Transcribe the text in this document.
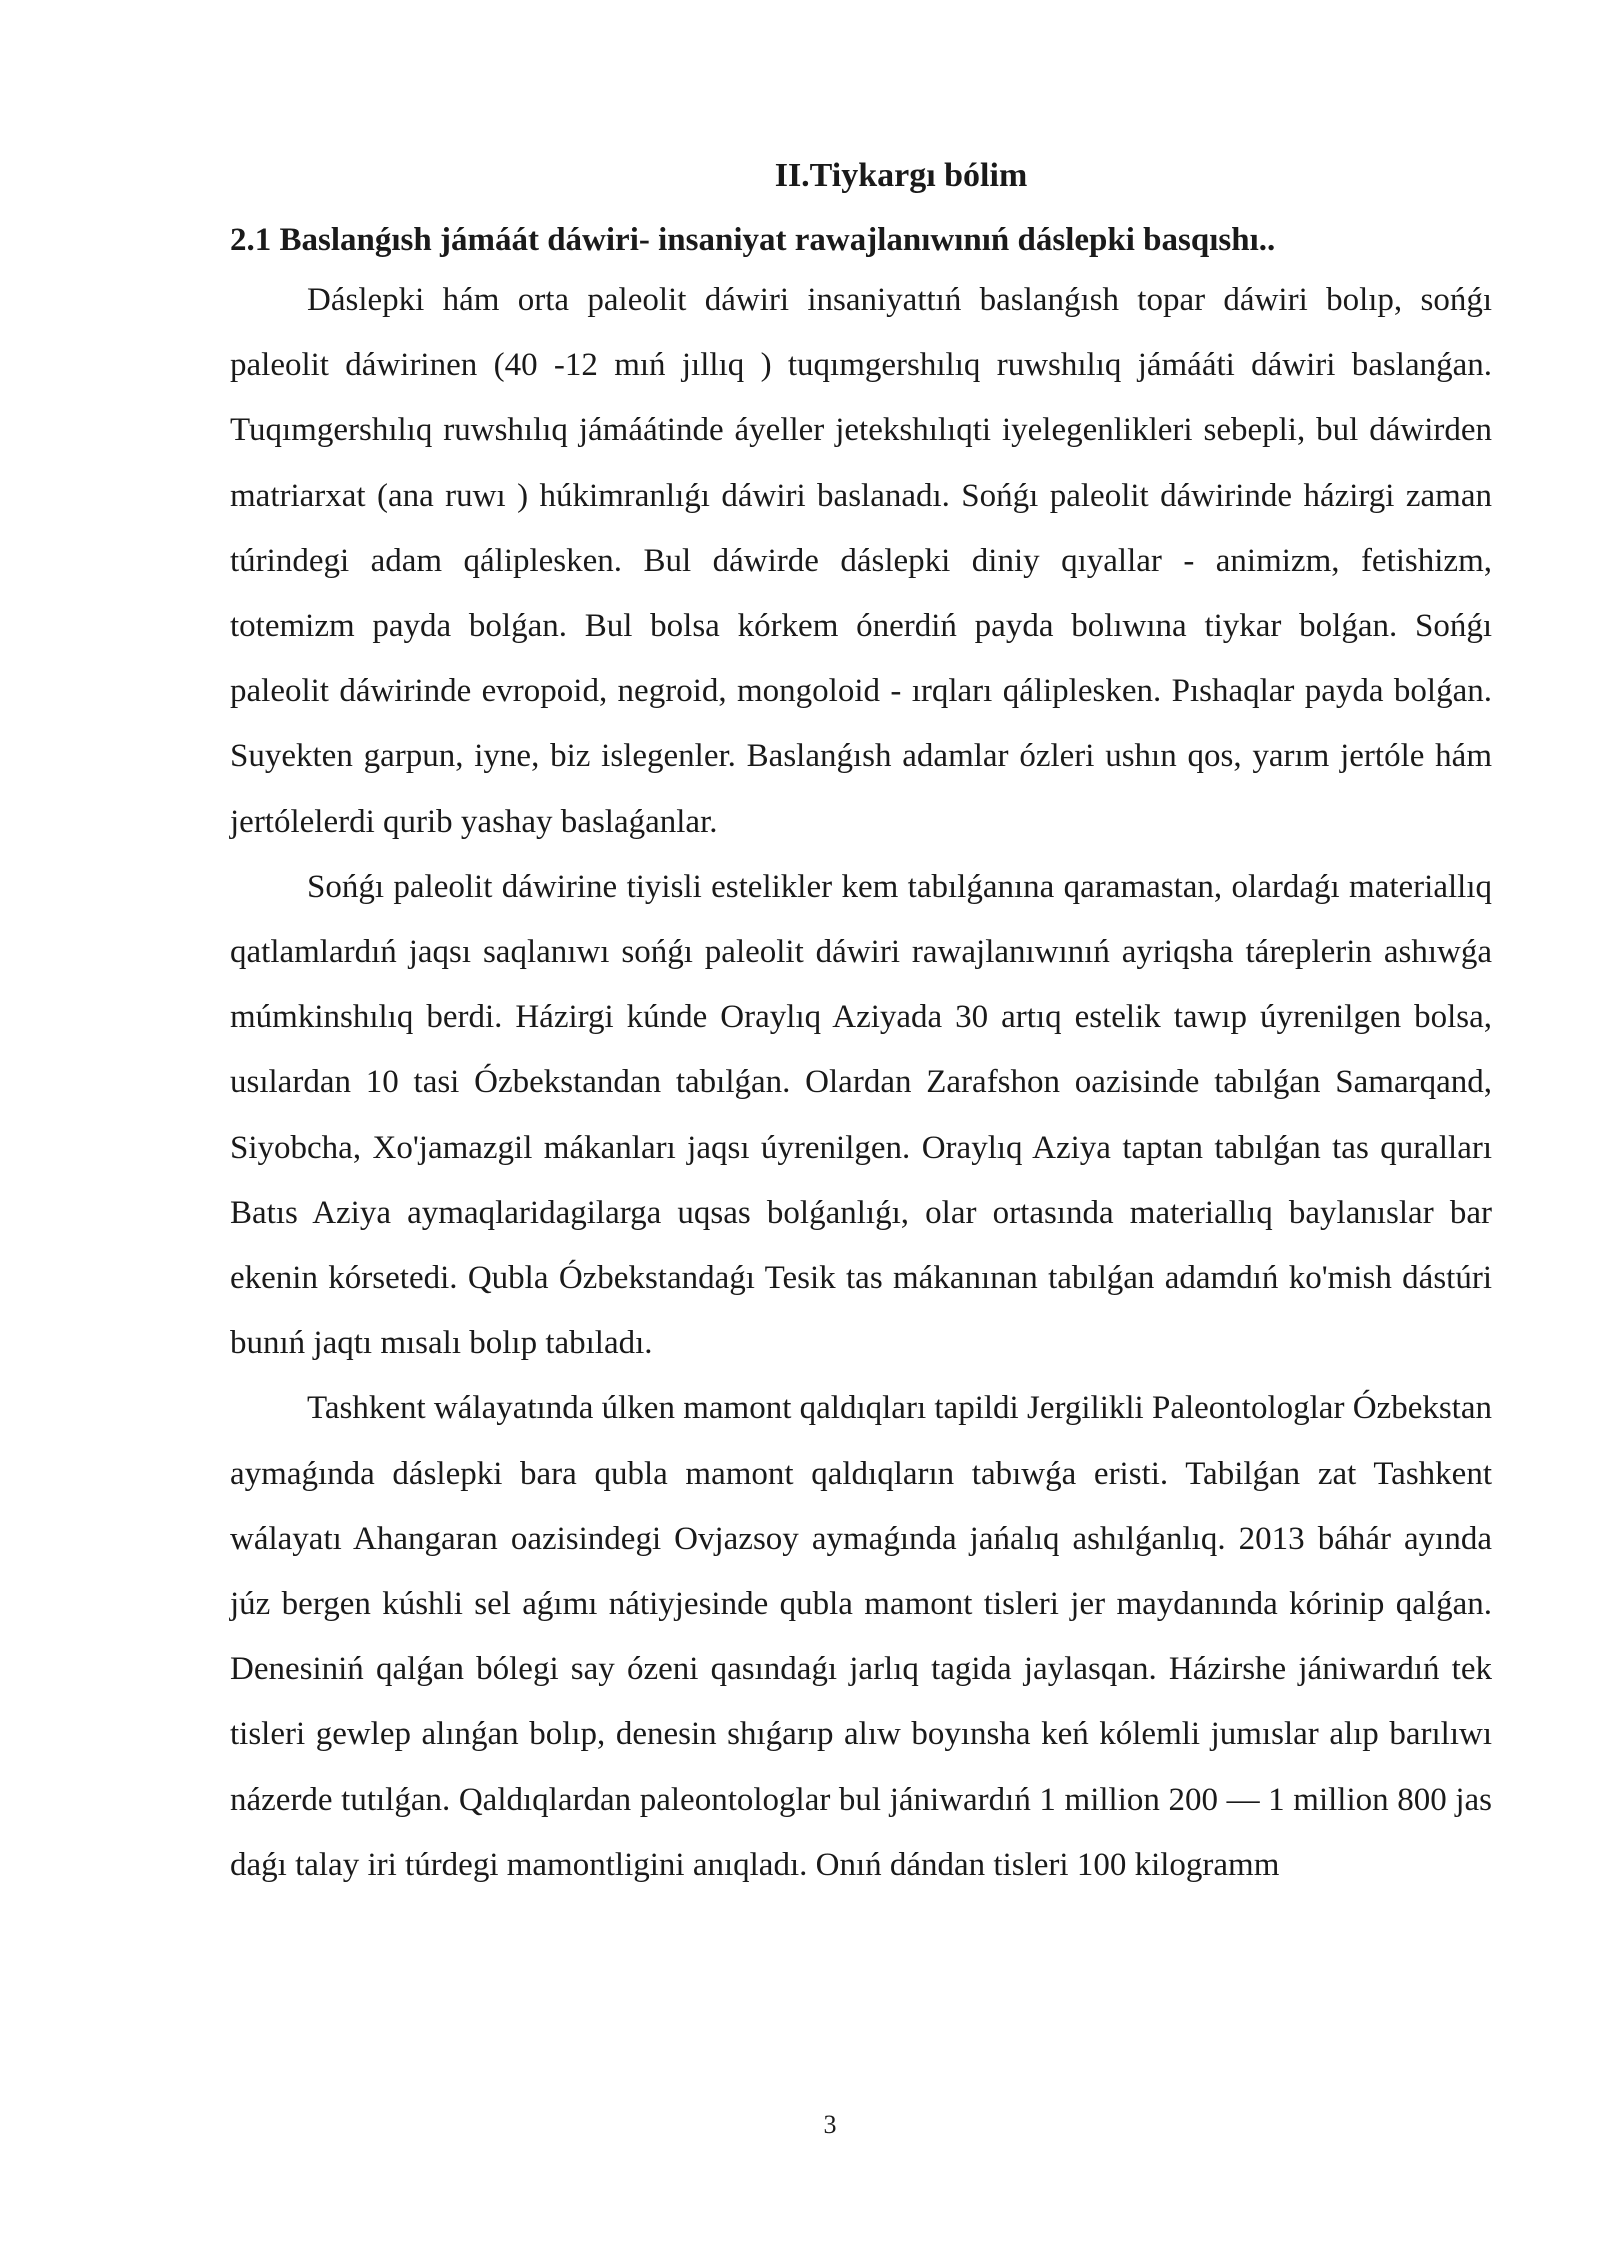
II.Tiykargı bólim
2.1 Baslanǵısh jámáát dáwiri- insaniyat rawajlanıwınıń dáslepki basqıshı..

Dáslepki hám orta paleolit dáwiri insaniyattıń baslanǵısh topar dáwiri bolıp, sońǵı paleolit dáwirinen (40 -12 mıń jıllıq ) tuqımgershılıq ruwshılıq jámááti dáwiri baslanǵan. Tuqımgershılıq ruwshılıq jámáátinde áyeller jetekshılıqti iyelegenlikleri sebepli, bul dáwirden matriarxat (ana ruwı ) húkimranlıǵı dáwiri baslanadı. Sońǵı paleolit dáwirinde házirgi zaman túrindegi adam qáliplesken. Bul dáwirde dáslepki diniy qıyallar - animizm, fetishizm, totemizm payda bolǵan. Bul bolsa kórkem ónerdiń payda bolıwına tiykar bolǵan. Sońǵı paleolit dáwirinde evropoid, negroid, mongoloid - ırqları qáliplesken. Pıshaqlar payda bolǵan. Suyekten garpun, iyne, biz islegenler. Baslanǵısh adamlar ózleri ushın qos, yarım jertóle hám jertólelerdi qurib yashay baslaǵanlar.

Sońǵı paleolit dáwirine tiyisli estelikler kem tabılǵanına qaramastan, olardaǵı materiallıq qatlamlardıń jaqsı saqlanıwı sońǵı paleolit dáwiri rawajlanıwınıń ayriqsha táreplerin ashıwǵa múmkinshılıq berdi. Házirgi kúnde Oraylıq Aziyada 30 artıq estelik tawıp úyrenilgen bolsa, usılardan 10 tasi Ózbekstandan tabılǵan. Olardan Zarafshon oazisinde tabılǵan Samarqand, Siyobcha, Xo'jamazgil mákanları jaqsı úyrenilgen. Oraylıq Aziya taptan tabılǵan tas quralları Batıs Aziya aymaqlaridagilarga uqsas bolǵanlıǵı, olar ortasında materiallıq baylanıslar bar ekenin kórsetedi. Qubla Ózbekstandaǵı Tesik tas mákanınan tabılǵan adamdıń ko'mish dástúri bunıń jaqtı mısalı bolıp tabıladı.

Tashkent wálayatında úlken mamont qaldıqları tapildi Jergilikli Paleontologlar Ózbekstan aymaǵında dáslepki bara qubla mamont qaldıqların tabıwǵa eristi. Tabilǵan zat Tashkent wálayatı Ahangaran oazisindegi Ovjazsoy aymaǵında jańalıq ashılǵanlıq. 2013 báhár ayında júz bergen kúshli sel aǵımı nátiyjesinde qubla mamont tisleri jer maydanında kórinip qalǵan. Denesiniń qalǵan bólegi say ózeni qasındaǵı jarlıq tagida jaylasqan. Házirshe jániwardıń tek tisleri gewlep alınǵan bolıp, denesin shıǵarıp alıw boyınsha keń kólemli jumıslar alıp barılıwı názerde tutılǵan. Qaldıqlardan paleontologlar bul jániwardıń 1 million 200 — 1 million 800 jas daǵı talay iri túrdegi mamontligini anıqladı. Onıń dándan tisleri 100 kilogramm

3
